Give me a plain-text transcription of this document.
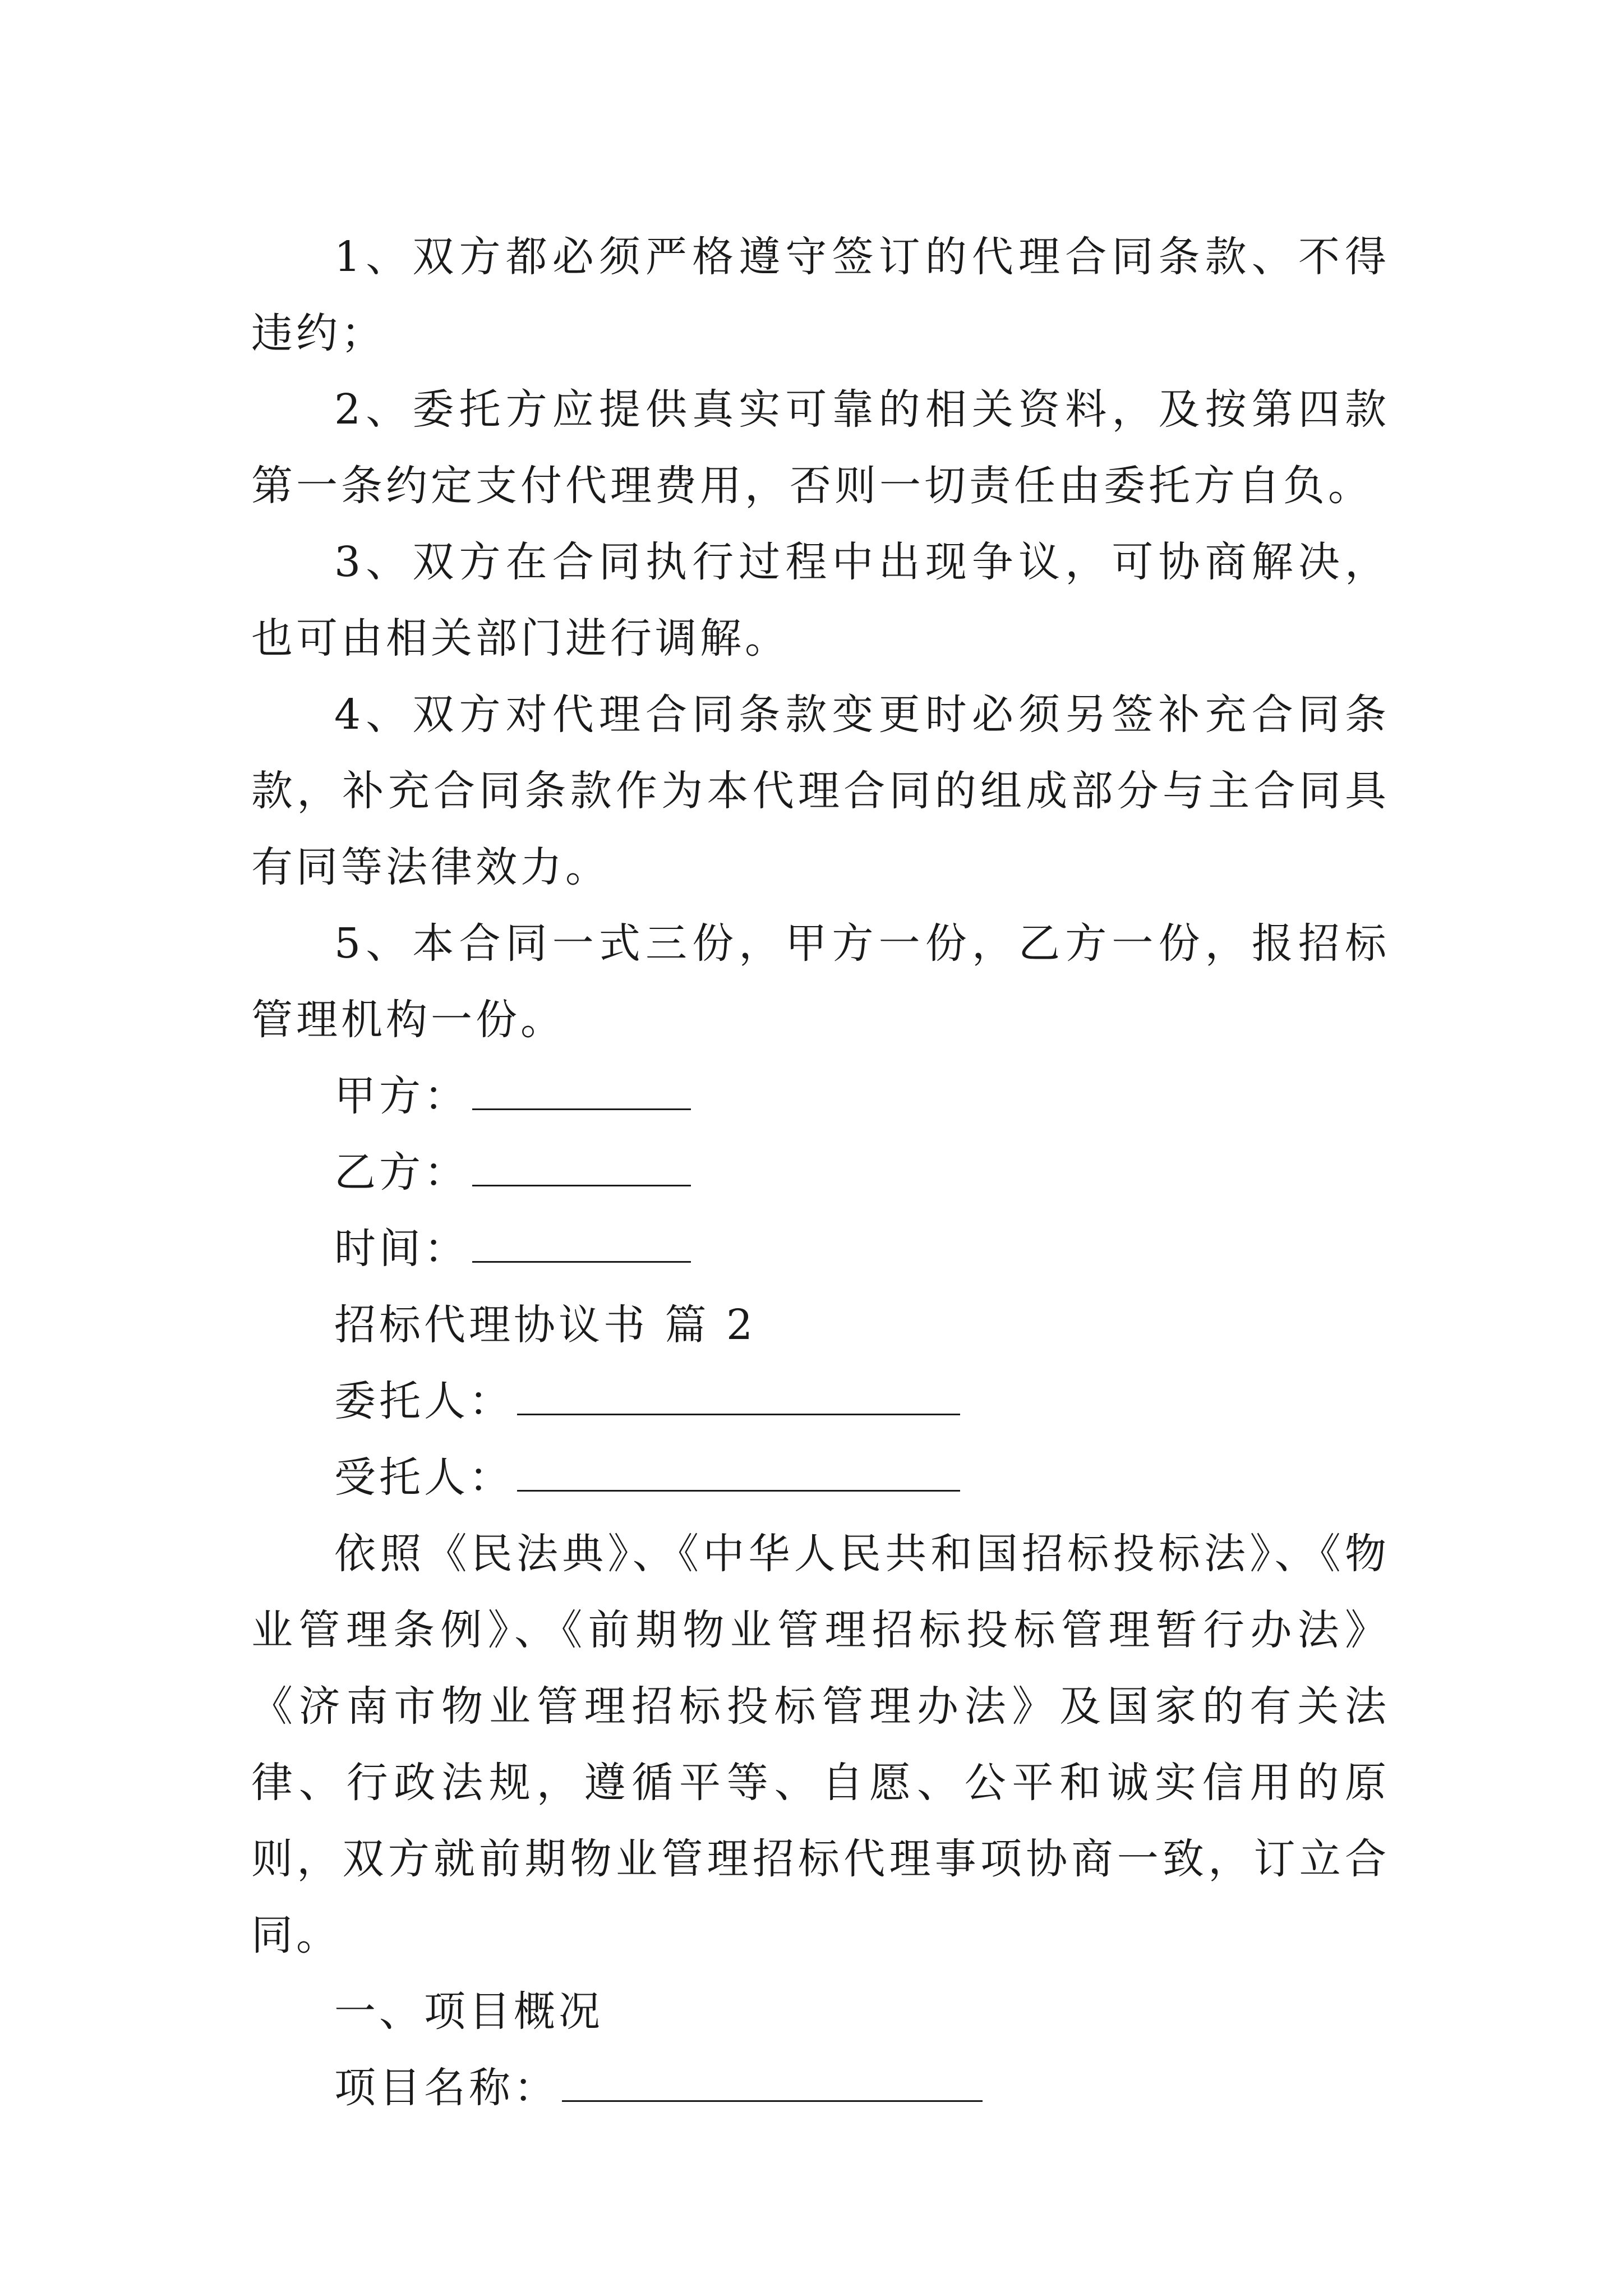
1、双方都必须严格遵守签订的代理合同条款、不得违约；

2、委托方应提供真实可靠的相关资料，及按第四款第一条约定支付代理费用，否则一切责任由委托方自负。

3、双方在合同执行过程中出现争议，可协商解决，也可由相关部门进行调解。

4、双方对代理合同条款变更时必须另签补充合同条款，补充合同条款作为本代理合同的组成部分与主合同具有同等法律效力。

5、本合同一式三份，甲方一份，乙方一份，报招标管理机构一份。

甲方：
乙方：
时间：
招标代理协议书 篇 2
委托人：
受托人：

依照《民法典》、《中华人民共和国招标投标法》、《物业管理条例》、《前期物业管理招标投标管理暂行办法》《济南市物业管理招标投标管理办法》及国家的有关法律、行政法规，遵循平等、自愿、公平和诚实信用的原则，双方就前期物业管理招标代理事项协商一致，订立合同。

一、项目概况
项目名称：
